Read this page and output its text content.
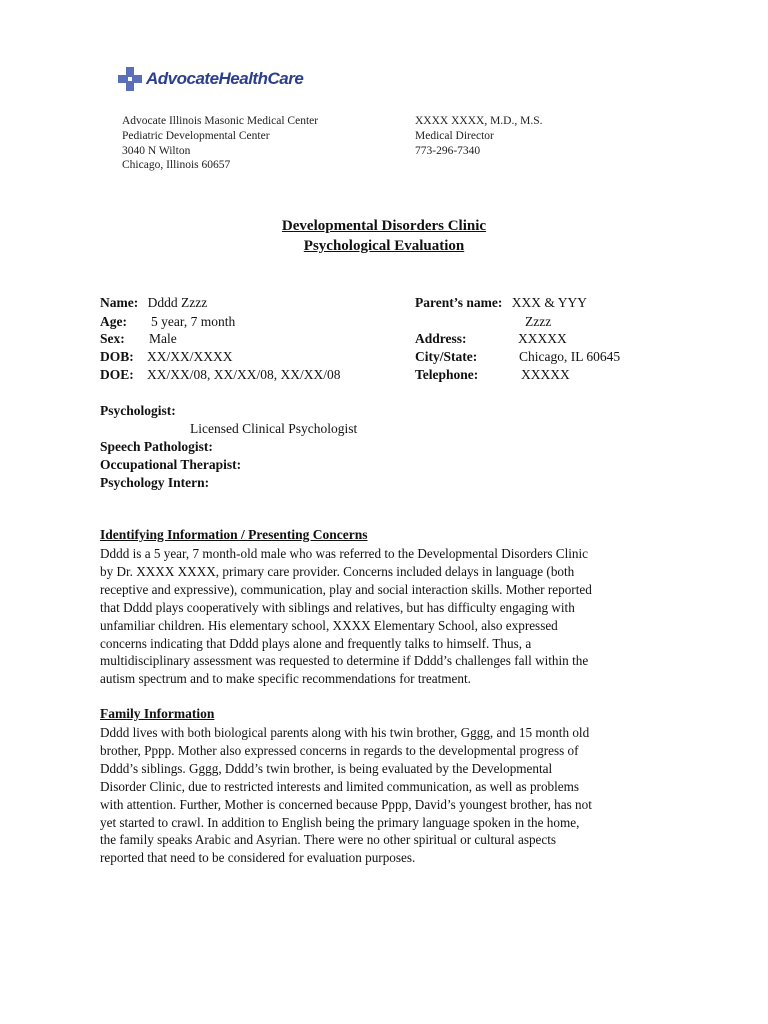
AdvocateHealthCare
Advocate Illinois Masonic Medical Center
Pediatric Developmental Center
3040 N Wilton
Chicago, Illinois 60657
XXXX XXXX, M.D., M.S.
Medical Director
773-296-7340
Developmental Disorders Clinic
Psychological Evaluation
Name: Dddd Zzzz
Age: 5 year, 7 month
Sex: Male
DOB: XX/XX/XXXX
DOE: XX/XX/08, XX/XX/08, XX/XX/08
Parent’s name: XXX & YYY
Zzzz
Address:	XXXXX
City/State:	Chicago, IL 60645
Telephone:	XXXXX
Psychologist:
Licensed Clinical Psychologist
Speech Pathologist:
Occupational Therapist:
Psychology Intern:
Identifying Information / Presenting Concerns
Dddd is a 5 year, 7 month-old male who was referred to the Developmental Disorders Clinic
by Dr. XXXX XXXX, primary care provider. Concerns included delays in language (both
receptive and expressive), communication, play and social interaction skills. Mother reported
that Dddd plays cooperatively with siblings and relatives, but has difficulty engaging with
unfamiliar children. His elementary school, XXXX Elementary School, also expressed
concerns indicating that Dddd plays alone and frequently talks to himself. Thus, a
multidisciplinary assessment was requested to determine if Dddd’s challenges fall within the
autism spectrum and to make specific recommendations for treatment.
Family Information
Dddd lives with both biological parents along with his twin brother, Gggg, and 15 month old
brother, Pppp. Mother also expressed concerns in regards to the developmental progress of
Dddd’s siblings. Gggg, Dddd’s twin brother, is being evaluated by the Developmental
Disorder Clinic, due to restricted interests and limited communication, as well as problems
with attention. Further, Mother is concerned because Pppp, David’s youngest brother, has not
yet started to crawl. In addition to English being the primary language spoken in the home,
the family speaks Arabic and Asyrian. There were no other spiritual or cultural aspects
reported that need to be considered for evaluation purposes.
